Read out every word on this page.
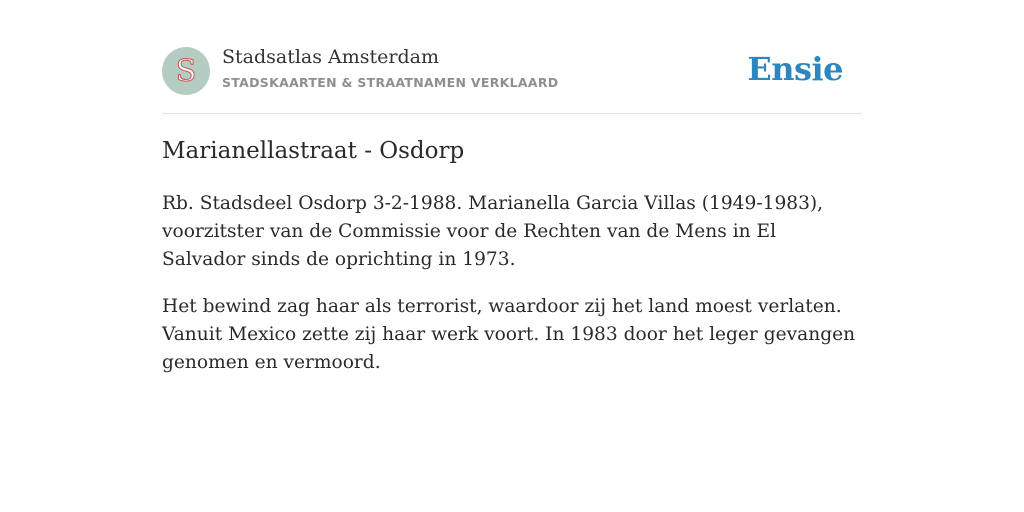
S Stadsatlas Amsterdam
STADSKAARTEN & STRAATNAMEN VERKLAARD	Ensie
Marianellastraat - Osdorp

Rb. Stadsdeel Osdorp 3-2-1988. Marianella Garcia Villas (1949-1983), voorzitster van de Commissie voor de Rechten van de Mens in El Salvador sinds de oprichting in 1973.

Het bewind zag haar als terrorist, waardoor zij het land moest verlaten. Vanuit Mexico zette zij haar werk voort. In 1983 door het leger gevangen genomen en vermoord.
